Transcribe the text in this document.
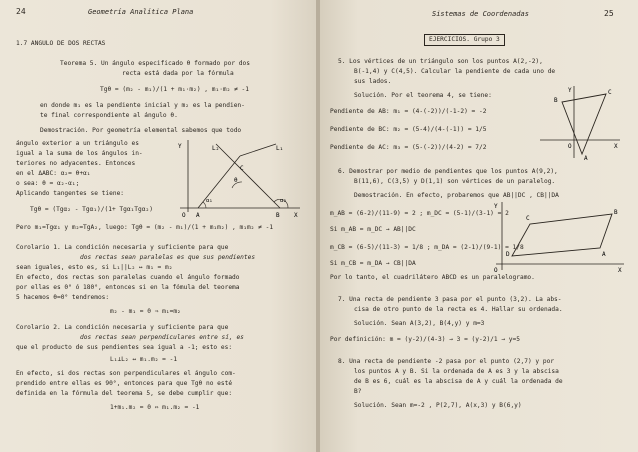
24	Geometría Analítica Plana
1.7 ANGULO DE DOS RECTAS
Teorema 5. Un ángulo especificado θ formado por dos
recta está dada por la fórmula
Tgθ = (m₂ - m₁)/(1 + m₁·m₂) , m₁·m₂ ≠ -1
en donde m₁ es la pendiente inicial y m₂ es la pendien-
te final correspondiente al ángulo θ.
Demostración. Por geometría elemental sabemos que todo
ángulo exterior a un triángulo es
igual a la suma de los ángulos in-
teriores no adyacentes. Entonces
en el ΔABC: α₂= θ+α₁
o sea: θ = α₂-α₁;
Aplicando tangentes se tiene:
Tgθ = (Tgα₂ - Tgα₁)/(1+ Tgα₁Tgα₂)
Pero m₁=Tgα₁ y m₂=TgA₂, luego: Tgθ = (m₂ - m₁)/(1 + m₁m₂) , m₁m₂ ≠ -1
Y
X
L₂	L₁
C
θ
α₁	α₂
A	B
O
Corolario 1. La condición necesaria y suficiente para que
dos rectas sean paralelas es que sus pendientes
sean iguales, esto es, si L₁||L₂ ↔ m₁ = m₂
En efecto, dos rectas son paralelas cuando el ángulo formado
por ellas es 0° ó 180°, entonces si en la fómula del teorema
5 hacemos θ=0° tendremos:
m₂ - m₁ = 0 ⇒ m₁=m₂
Corolario 2. La condición necesaria y suficiente para que
dos rectas sean perpendiculares entre sí, es
que el producto de sus pendientes sea igual a -1; esto es:
L₁⊥L₂ ↔ m₁.m₂ = -1
En efecto, si dos rectas son perpendiculares el ángulo com-
prendido entre ellas es 90°, entonces para que Tgθ no esté
definida en la fórmula del teorema 5, se debe cumplir que:
1+m₁.m₂ = 0 ⇔ m₁.m₂ = -1
Sistemas de Coordenadas	25
EJERCICIOS. Grupo 3
5. Los vértices de un triángulo son los puntos A(2,-2),
B(-1,4) y C(4,5). Calcular la pendiente de cada uno de
sus lados.
Solución. Por el teorema 4, se tiene:
Pendiente de AB: m₁ = (4-(-2))/(-1-2) = -2
Pendiente de BC: m₂ = (5-4)/(4-(-1)) = 1/5
Pendiente de AC: m₃ = (5-(-2))/(4-2) = 7/2
Y
X
A
B
C
O
6. Demostrar por medio de pendientes que los puntos A(9,2),
B(11,6), C(3,5) y D(1,1) son vértices de un paralelog.
Demostración. En efecto, probaremos que AB||DC , CB||DA
m_AB = (6-2)/(11-9) = 2 ; m_DC = (5-1)/(3-1) = 2
Si m_AB = m_DC → AB||DC
m_CB = (6-5)/(11-3) = 1/8 ; m_DA = (2-1)/(9-1) = 1/8
Si m_CB = m_DA → CB||DA
Por lo tanto, el cuadrilátero ABCD es un paralelogramo.
Y
X
A
B
C
D
O
7. Una recta de pendiente 3 pasa por el punto (3,2). La abs-
cisa de otro punto de la recta es 4. Hallar su ordenada.
Solución. Sean A(3,2), B(4,y) y m=3
Por definición: m = (y-2)/(4-3) → 3 = (y-2)/1 → y=5
8. Una recta de pendiente -2 pasa por el punto (2,7) y por
los puntos A y B. Si la ordenada de A es 3 y la abscisa
de B es 6, cuál es la abscisa de A y cuál la ordenada de
B?
Solución. Sean m=-2 , P(2,7), A(x,3) y B(6,y)
